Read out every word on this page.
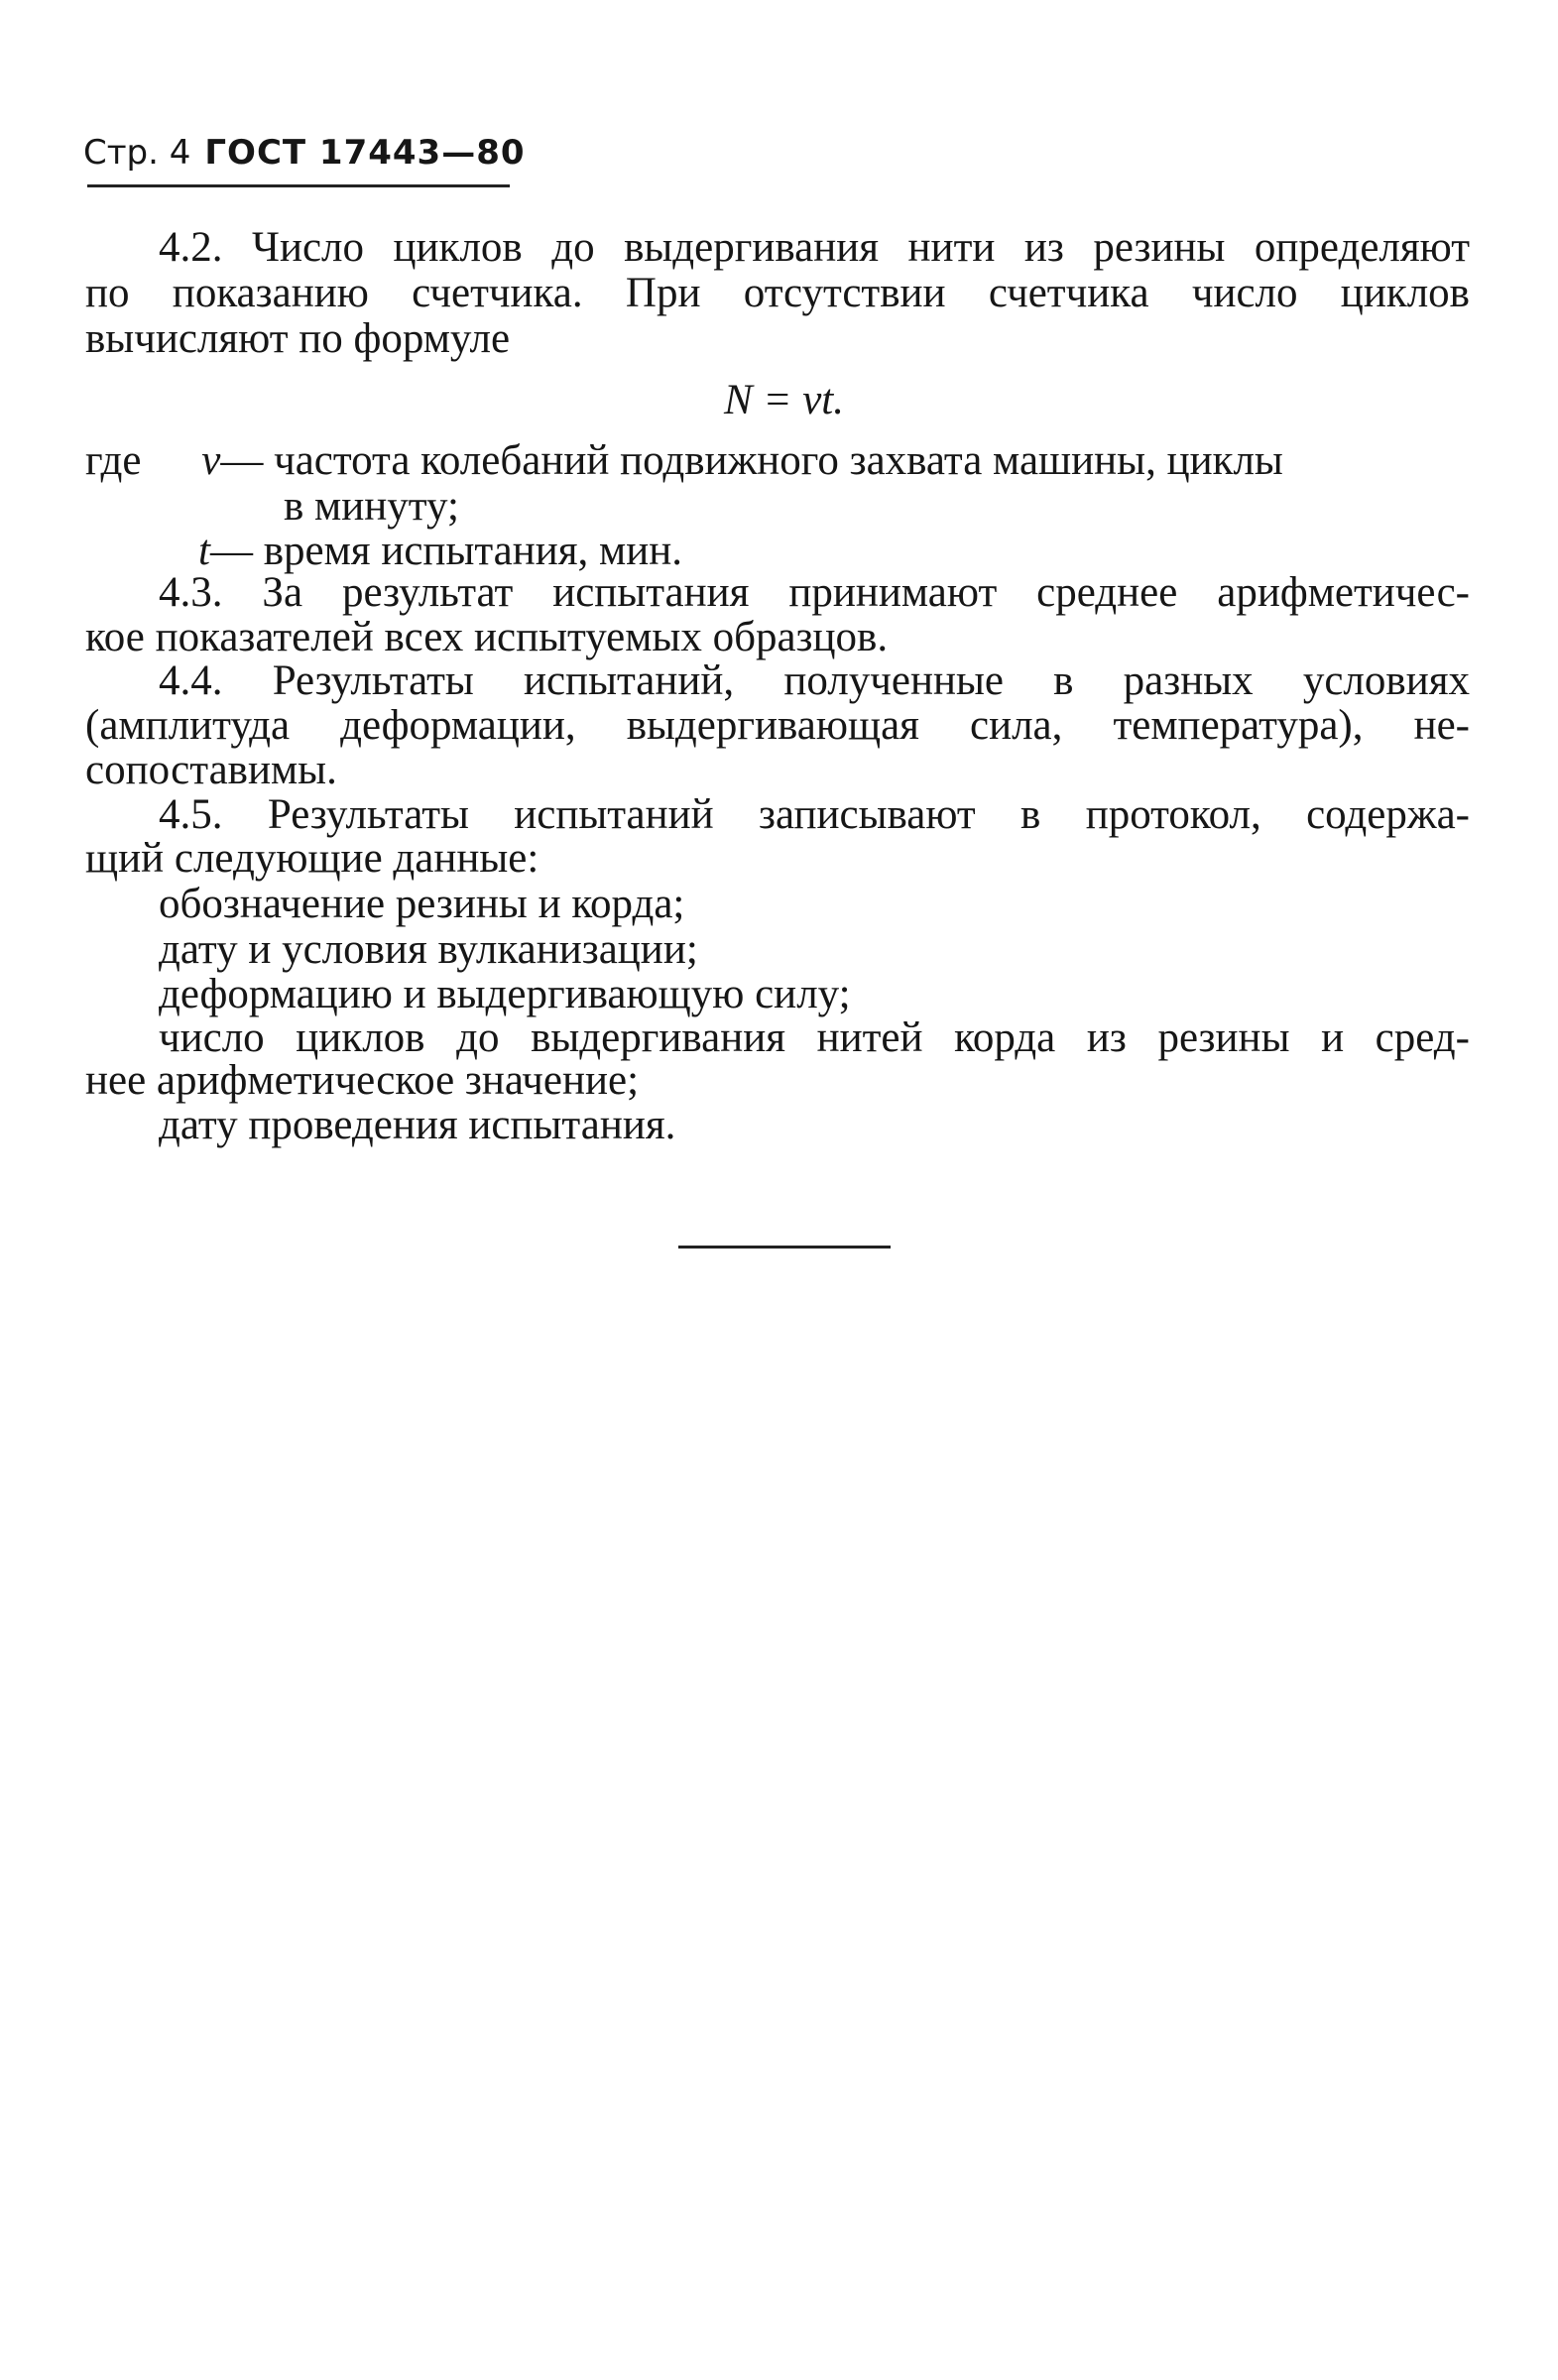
Стр. 4 ГОСТ 17443—80
4.2. Число циклов до выдергивания нити из резины определяют
по показанию счетчика. При отсутствии счетчика число циклов
вычисляют по формуле
N = νt.
где ν— частота колебаний подвижного захвата машины, циклы
в минуту;
t— время испытания, мин.
4.3. За результат испытания принимают среднее арифметичес-
кое показателей всех испытуемых образцов.
4.4. Результаты испытаний, полученные в разных условиях
(амплитуда деформации, выдергивающая сила, температура), не-
сопоставимы.
4.5. Результаты испытаний записывают в протокол, содержа-
щий следующие данные:
обозначение резины и корда;
дату и условия вулканизации;
деформацию и выдергивающую силу;
число циклов до выдергивания нитей корда из резины и сред-
нее арифметическое значение;
дату проведения испытания.
